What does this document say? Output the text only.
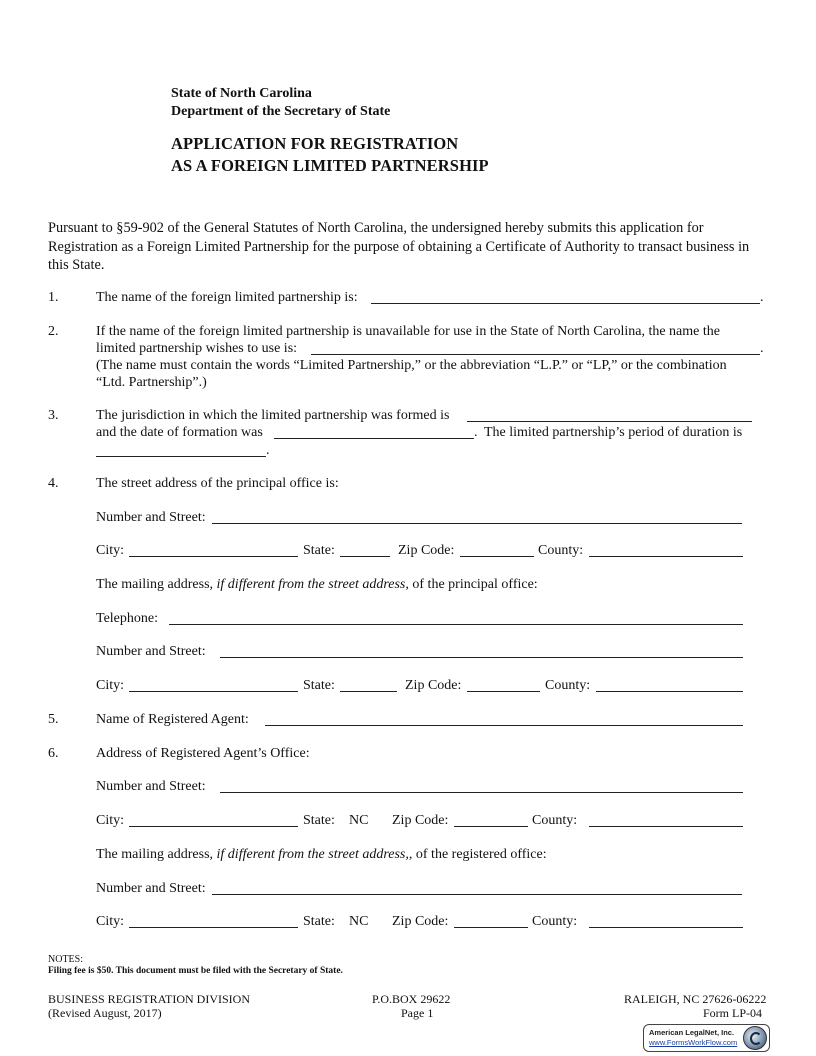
State of North Carolina
Department of the Secretary of State
APPLICATION FOR REGISTRATION
AS A FOREIGN LIMITED PARTNERSHIP
Pursuant to §59-902 of the General Statutes of North Carolina, the undersigned hereby submits this application for Registration as a Foreign Limited Partnership for the purpose of obtaining a Certificate of Authority to transact business in this State.
1.	The name of the foreign limited partnership is:	.
2.	If the name of the foreign limited partnership is unavailable for use in the State of North Carolina, the name the
limited partnership wishes to use is:	.
(The name must contain the words “Limited Partnership,” or the abbreviation “L.P.” or “LP,” or the combination
“Ltd. Partnership”.)
3.	The jurisdiction in which the limited partnership was formed is
and the date of formation was	. The limited partnership’s period of duration is
.
4.	The street address of the principal office is:
Number and Street:
City:	State:	Zip Code:	County:
The mailing address, if different from the street address, of the principal office:
Telephone:
Number and Street:
City:	State:	Zip Code:	County:
5.	Name of Registered Agent:
6.	Address of Registered Agent’s Office:
Number and Street:
City:	State: NC Zip Code:	County:
The mailing address, if different from the street address,, of the registered office:
Number and Street:
City:	State: NC Zip Code:	County:
NOTES:
Filing fee is $50. This document must be filed with the Secretary of State.
BUSINESS REGISTRATION DIVISION
(Revised August, 2017)
P.O.BOX 29622
Page 1
RALEIGH, NC 27626-06222
Form LP-04
American LegalNet, Inc.
www.FormsWorkFlow.com
